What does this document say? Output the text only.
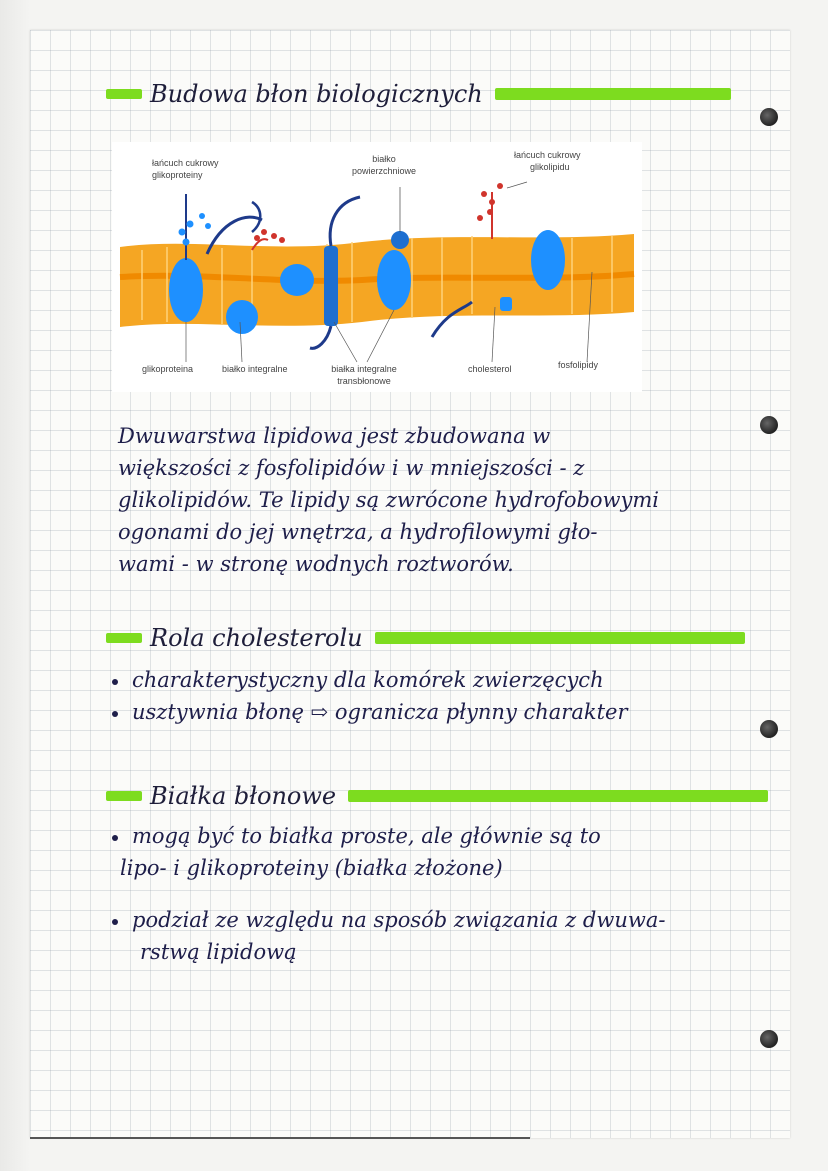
Budowa błon biologicznych
łańcuch cukrowy
glikoproteiny
białko
powierzchniowe
łańcuch cukrowy
glikolipidu
glikoproteina	białko integralne	białka integralne
transbłonowe
cholesterol	fosfolipidy
Dwuwarstwa lipidowa jest zbudowana w
większości z fosfolipidów i w mniejszości - z
glikolipidów. Te lipidy są zwrócone hydrofobowymi
ogonami do jej wnętrza, a hydrofilowymi gło-
wami - w stronę wodnych roztworów.
Rola cholesterolu
charakterystyczny dla komórek zwierzęcych
usztywnia błonę ⇨ ogranicza płynny charakter
Białka błonowe
mogą być to białka proste, ale głównie są to
lipo- i glikoproteiny (białka złożone)
podział ze względu na sposób związania z dwuwa-
rstwą lipidową
